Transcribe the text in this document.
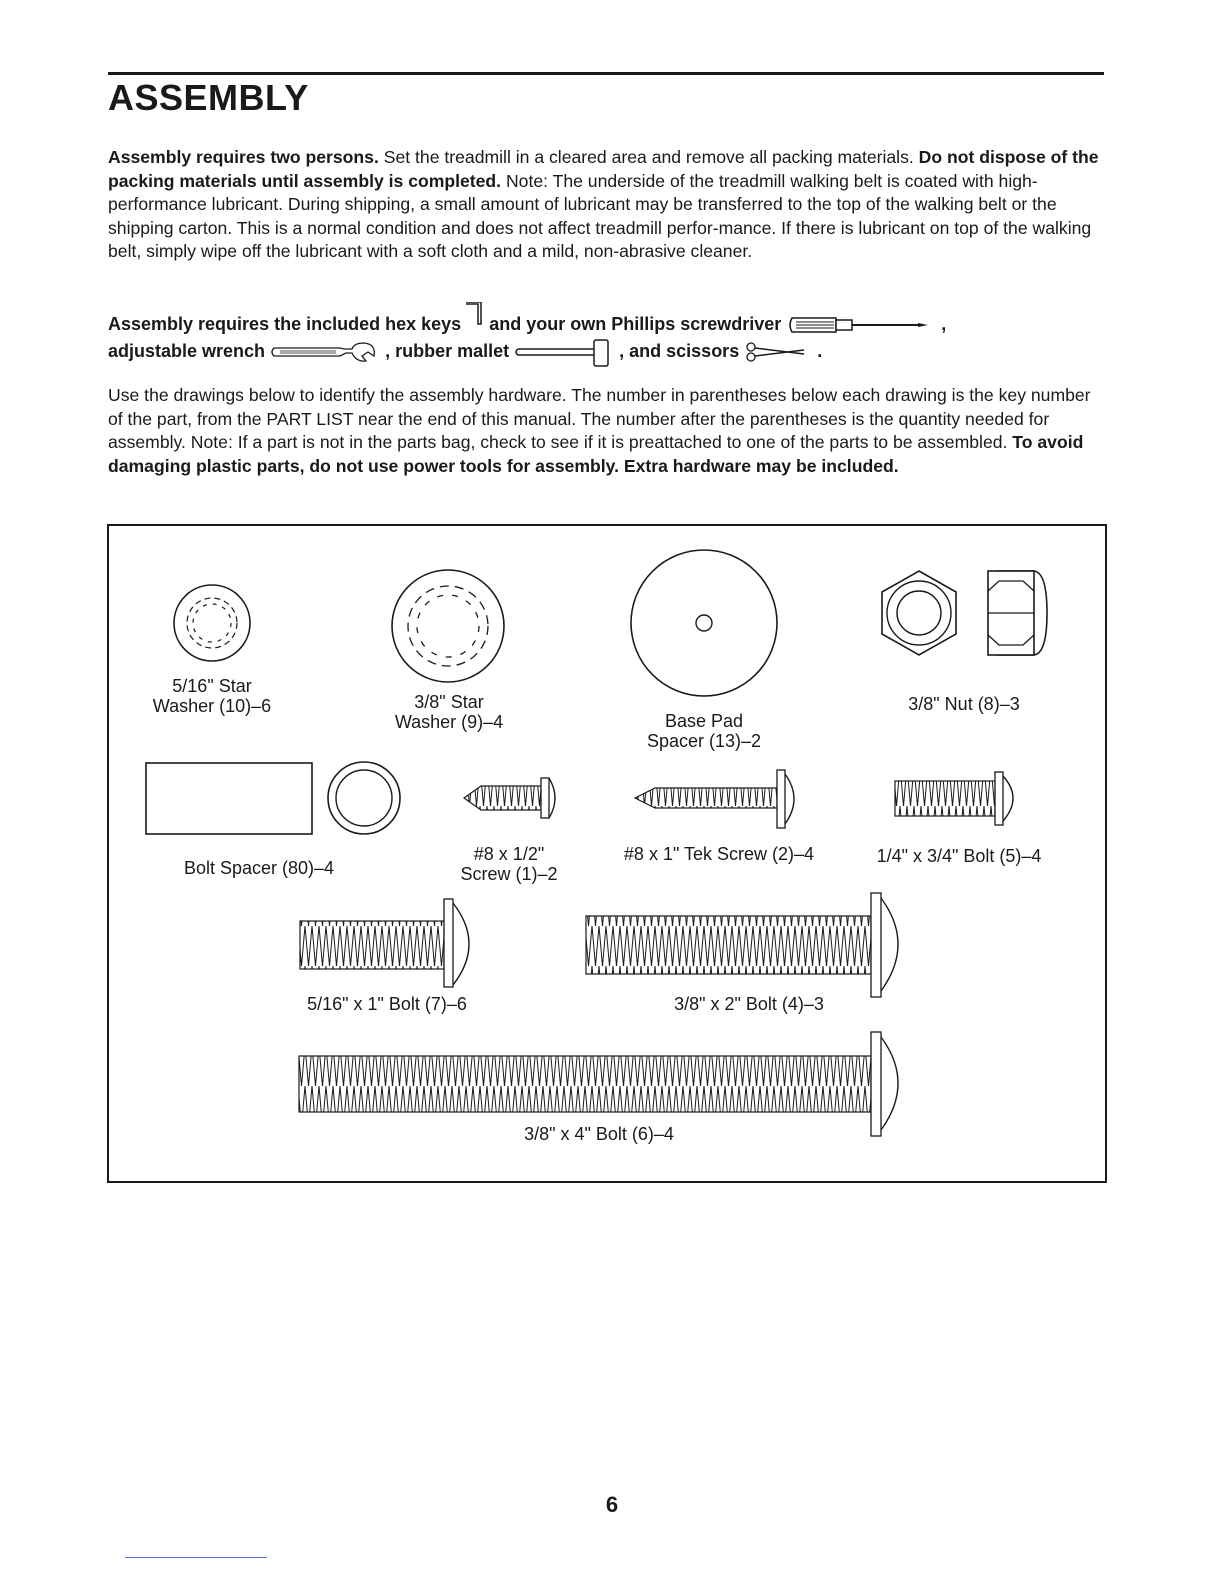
ASSEMBLY

Assembly requires two persons. Set the treadmill in a cleared area and remove all packing materials. Do not dispose of the packing materials until assembly is completed. Note: The underside of the treadmill walking belt is coated with high-performance lubricant. During shipping, a small amount of lubricant may be transferred to the top of the walking belt or the shipping carton. This is a normal condition and does not affect treadmill perfor-mance. If there is lubricant on top of the walking belt, simply wipe off the lubricant with a soft cloth and a mild, non-abrasive cleaner.

Assembly requires the included hex keys and your own Phillips screwdriver	,
adjustable wrench	, rubber mallet	, and scissors	.

Use the drawings below to identify the assembly hardware. The number in parentheses below each drawing is the key number of the part, from the PART LIST near the end of this manual. The number after the parentheses is the quantity needed for assembly. Note: If a part is not in the parts bag, check to see if it is preattached to one of the parts to be assembled. To avoid damaging plastic parts, do not use power tools for assembly. Extra hardware may be included.

5/16" Star
Washer (10)–6	3/8" Star
Washer (9)–4	Base Pad
Spacer (13)–2
3/8" Nut (8)–3
Bolt Spacer (80)–4
#8 x 1/2"
Screw (1)–2
#8 x 1" Tek Screw (2)–4	1/4" x 3/4" Bolt (5)–4
5/16" x 1" Bolt (7)–6	3/8" x 2" Bolt (4)–3
3/8" x 4" Bolt (6)–4
6
